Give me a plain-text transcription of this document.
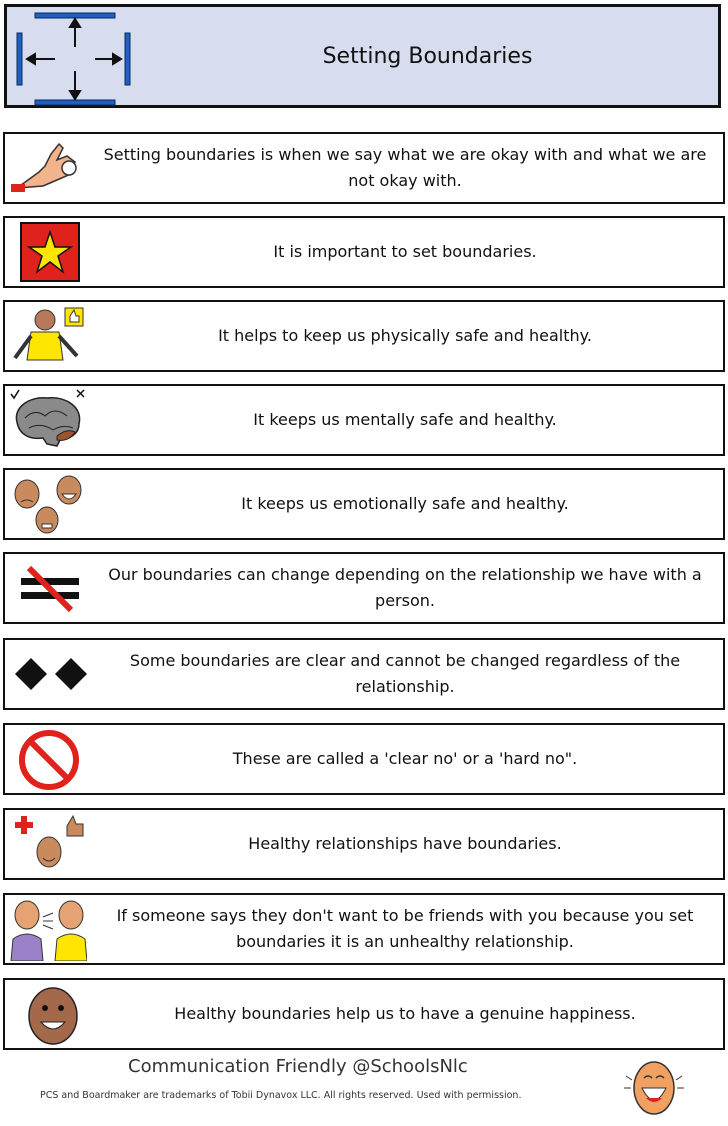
Setting Boundaries
Setting boundaries is when we say what we are okay with and what we are not okay with.
It is important to set boundaries.
It helps to keep us physically safe and healthy.
It keeps us mentally safe and healthy.
It keeps us emotionally safe and healthy.
Our boundaries can change depending on the relationship we have with a person.
Some boundaries are clear and cannot be changed regardless of the relationship.
These are called a 'clear no' or a 'hard no".
Healthy relationships have boundaries.
If someone says they don't want to be friends with you because you set boundaries it is an unhealthy relationship.
Healthy boundaries help us to have a genuine happiness.
Communication Friendly @SchoolsNlc
PCS and Boardmaker are trademarks of Tobii Dynavox LLC. All rights reserved. Used with permission.
